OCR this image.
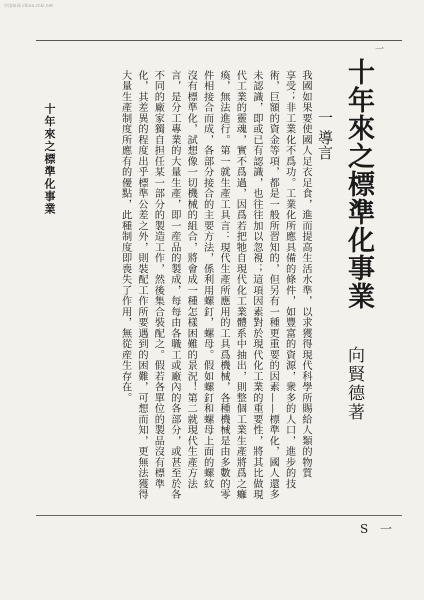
中国知网 china.cnki.net
一
十年來之標準化事業
向賢德著
一 導言
我國如果要使國人足衣足食，進而提高生活水準，以求獲得現代科學所賜給人類的物質
享受；非工業化不爲功。工業化所應具備的條件，如豐富的資源，衆多的人口，進步的技
術，巨額的資金等項，都是一般所習知的，但另有一種更重要的因素——標準化，國人還多
未認識，即或已有認識，也往往加以忽視；這項因素對於現代化工業的重要性，將其比做現
代工業的靈魂，實不爲過，因爲若把牠自現代化工業體系中抽出，則整個工業生產將爲之癱
瘓，無法進行。第一就生產工具言：現代生產所應用的工具爲機械，各種機械是由多數的零
件相接合而成，各部分接合的主要方法，係利用螺釘，螺母。假如螺釘和螺母上面的螺紋
沒有標準化，試想像一切機械的組合，將會成一種怎樣困難的景況！第二就現代生產方法
言，是分工專業的大量生產，即一産品的製成，每每由各職工或廠內的各部分，或甚至於各
不同的廠家獨自担任某一部分的製造工作，然後集合裝配之。假若各單位的製品沒有標準
化，其差異的程度出乎標準公差之外，則裝配工作所要遇到的困難，可想而知，更無法獲得
大量生產制度所應有的優點，此種制度即喪失了作用，無從産生存在。
十年來之標準化事業
S 一
